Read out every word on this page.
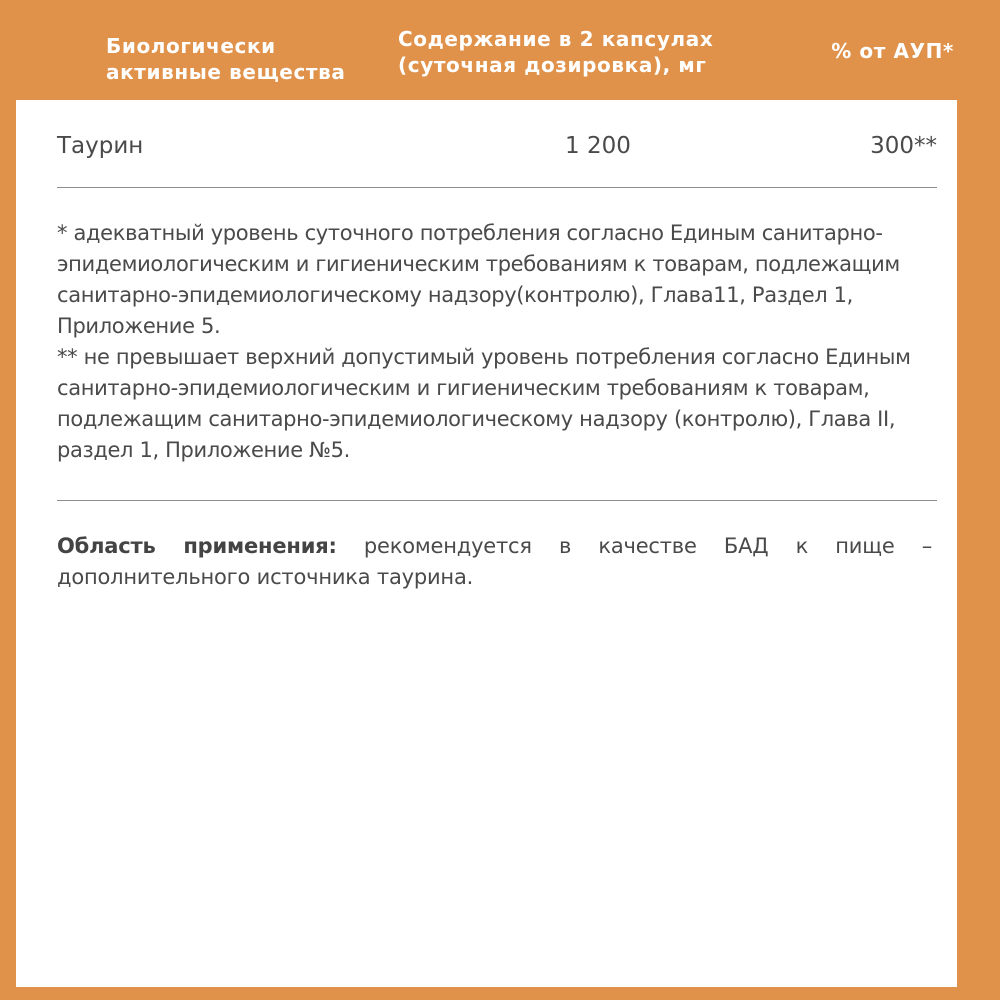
Биологически
активные вещества
Содержание в 2 капсулах
(суточная дозировка), мг
% от АУП*
Таурин	1 200	300**

* адекватный уровень суточного потребления согласно Единым санитарно-эпидемиологическим и гигиеническим требованиям к товарам, подлежащим санитарно-эпидемиологическому надзору(контролю), Глава11, Раздел 1, Приложение 5.

** не превышает верхний допустимый уровень потребления согласно Единым санитарно-эпидемиологическим и гигиеническим требованиям к товарам, подлежащим санитарно-эпидемиологическому надзору (контролю), Глава II, раздел 1, Приложение №5.

Область применения: рекомендуется в качестве БАД к пище – дополнительного источника таурина.
